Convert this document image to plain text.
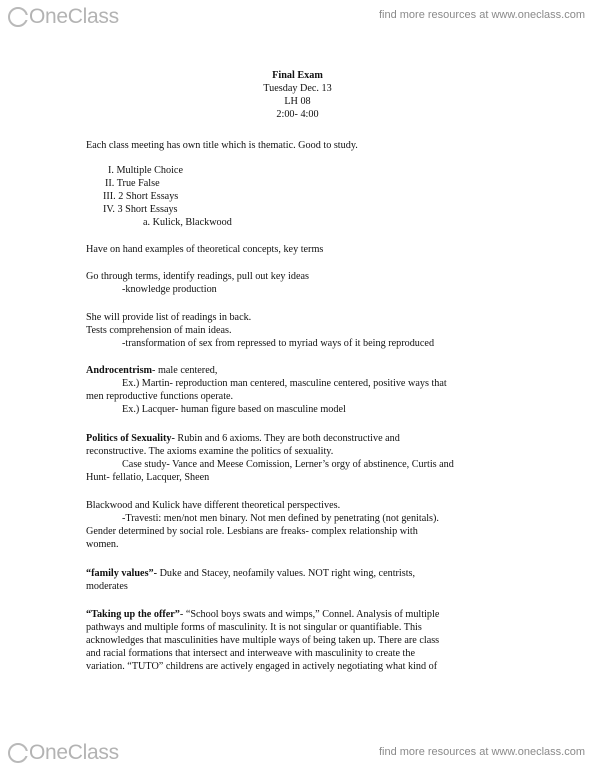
OneClass	find more resources at www.oneclass.com
Final Exam
Tuesday Dec. 13
LH 08
2:00- 4:00
Each class meeting has own title which is thematic. Good to study.
I. Multiple Choice
II. True False
III. 2 Short Essays
IV. 3 Short Essays
a. Kulick, Blackwood
Have on hand examples of theoretical concepts, key terms
Go through terms, identify readings, pull out key ideas
-knowledge production
She will provide list of readings in back.
Tests comprehension of main ideas.
-transformation of sex from repressed to myriad ways of it being reproduced
Androcentrism- male centered,
Ex.) Martin- reproduction man centered, masculine centered, positive ways that
men reproductive functions operate.
Ex.) Lacquer- human figure based on masculine model
Politics of Sexuality- Rubin and 6 axioms. They are both deconstructive and
reconstructive. The axioms examine the politics of sexuality.
Case study- Vance and Meese Comission, Lerner’s orgy of abstinence, Curtis and
Hunt- fellatio, Lacquer, Sheen
Blackwood and Kulick have different theoretical perspectives.
-Travesti: men/not men binary. Not men defined by penetrating (not genitals).
Gender determined by social role. Lesbians are freaks- complex relationship with
women.
“family values”- Duke and Stacey, neofamily values. NOT right wing, centrists,
moderates
“Taking up the offer”- “School boys swats and wimps,” Connel. Analysis of multiple
pathways and multiple forms of masculinity. It is not singular or quantifiable. This
acknowledges that masculinities have multiple ways of being taken up. There are class
and racial formations that intersect and interweave with masculinity to create the
variation. “TUTO” childrens are actively engaged in actively negotiating what kind of
OneClass	find more resources at www.oneclass.com
